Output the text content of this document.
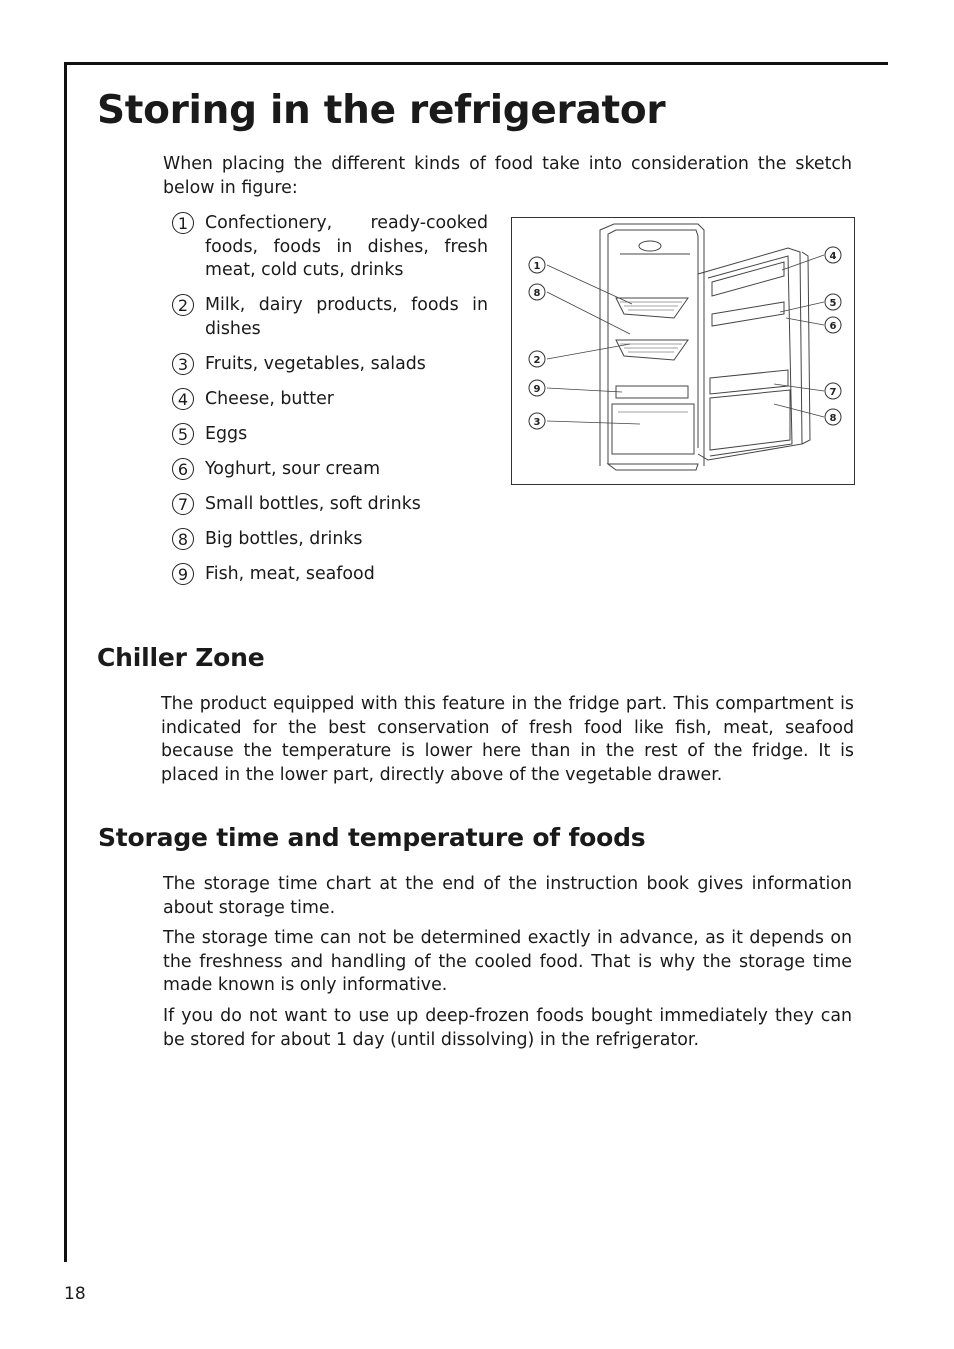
Storing in the refrigerator

When placing the different kinds of food take into consideration the sketch below in figure:

1 Confectionery, ready-cooked foods, foods in dishes, fresh meat, cold cuts, drinks
2 Milk, dairy products, foods in dishes
3 Fruits, vegetables, salads
4 Cheese, butter
5 Eggs
6 Yoghurt, sour cream
7 Small bottles, soft drinks
8 Big bottles, drinks
9 Fish, meat, seafood
1
8
2
9
3
4
5
6
7
8
Chiller Zone

The product equipped with this feature in the fridge part. This compartment is indicated for the best conservation of fresh food like fish, meat, seafood because the temperature is lower here than in the rest of the fridge. It is placed in the lower part, directly above of the vegetable drawer.

Storage time and temperature of foods

The storage time chart at the end of the instruction book gives information about storage time.

The storage time can not be determined exactly in advance, as it depends on the freshness and handling of the cooled food. That is why the storage time made known is only informative.

If you do not want to use up deep-frozen foods bought immediately they can be stored for about 1 day (until dissolving) in the refrigerator.

18
